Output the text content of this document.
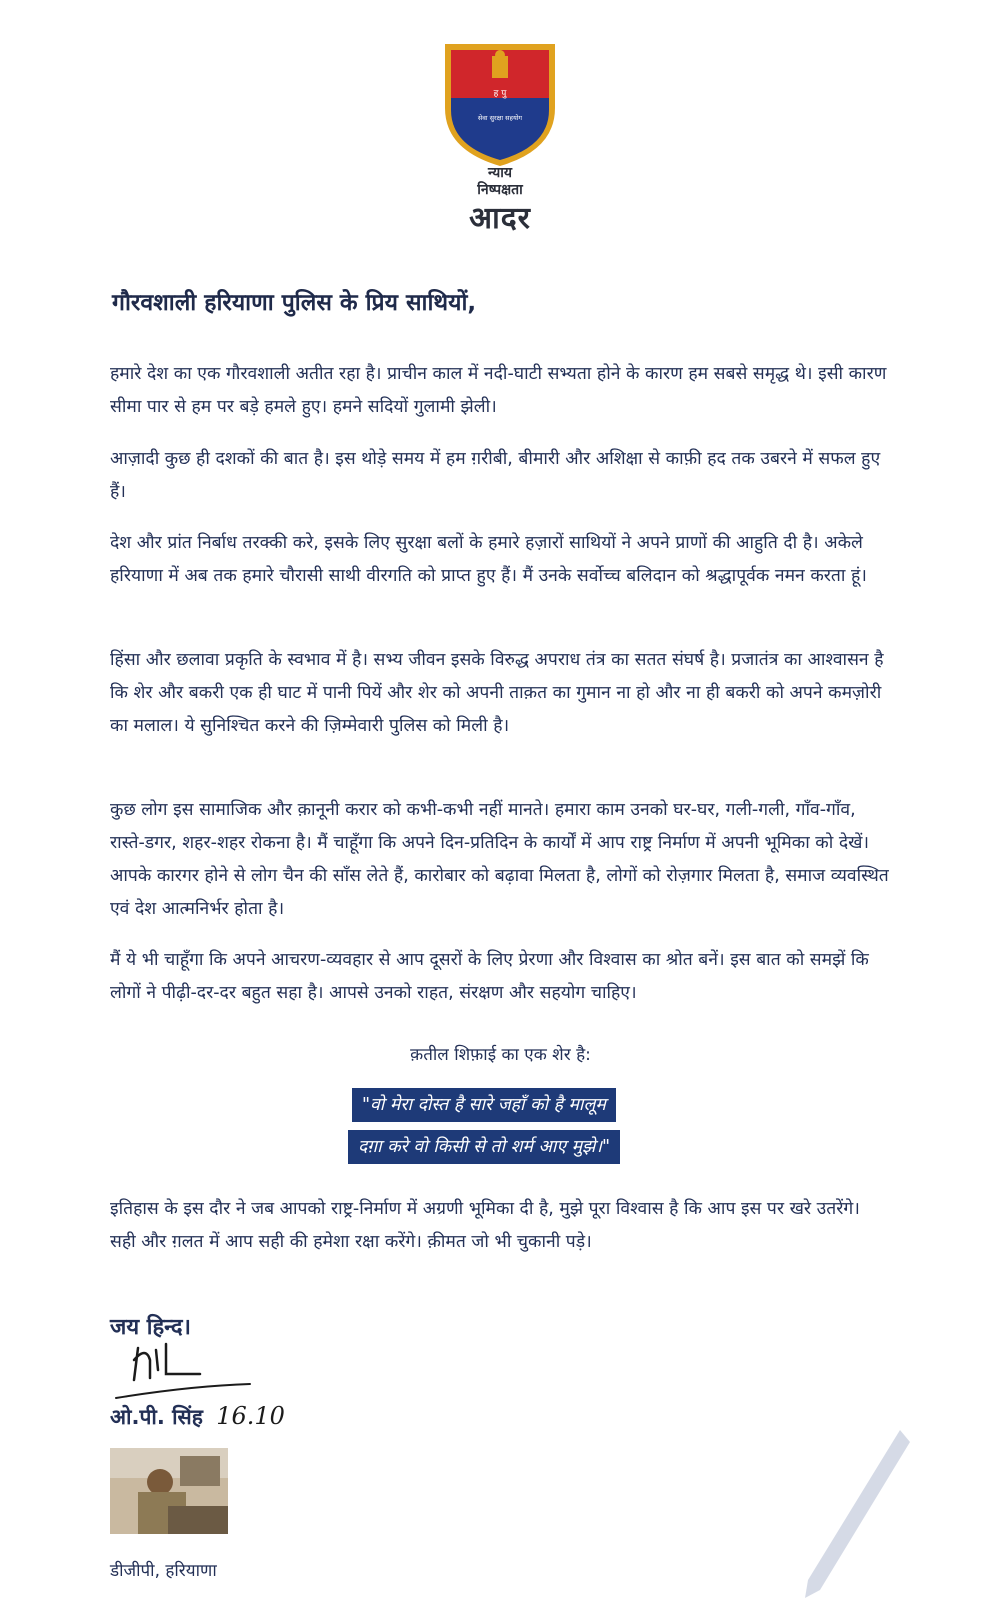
ह पु
सेवा सुरक्षा सहयोग
न्याय
निष्पक्षता
आदर
गौरवशाली हरियाणा पुलिस के प्रिय साथियों,

हमारे देश का एक गौरवशाली अतीत रहा है। प्राचीन काल में नदी-घाटी सभ्यता होने के कारण हम सबसे समृद्ध थे। इसी कारण सीमा पार से हम पर बड़े हमले हुए। हमने सदियों गुलामी झेली।

आज़ादी कुछ ही दशकों की बात है। इस थोड़े समय में हम ग़रीबी, बीमारी और अशिक्षा से काफ़ी हद तक उबरने में सफल हुए हैं।

देश और प्रांत निर्बाध तरक्की करे, इसके लिए सुरक्षा बलों के हमारे हज़ारों साथियों ने अपने प्राणों की आहुति दी है। अकेले हरियाणा में अब तक हमारे चौरासी साथी वीरगति को प्राप्त हुए हैं। मैं उनके सर्वोच्च बलिदान को श्रद्धापूर्वक नमन करता हूं।

हिंसा और छलावा प्रकृति के स्वभाव में है। सभ्य जीवन इसके विरुद्ध अपराध तंत्र का सतत संघर्ष है। प्रजातंत्र का आश्वासन है कि शेर और बकरी एक ही घाट में पानी पियें और शेर को अपनी ताक़त का गुमान ना हो और ना ही बकरी को अपने कमज़ोरी का मलाल। ये सुनिश्चित करने की ज़िम्मेवारी पुलिस को मिली है।

कुछ लोग इस सामाजिक और क़ानूनी करार को कभी-कभी नहीं मानते। हमारा काम उनको घर-घर, गली-गली, गाँव-गाँव, रास्ते-डगर, शहर-शहर रोकना है। मैं चाहूँगा कि अपने दिन-प्रतिदिन के कार्यों में आप राष्ट्र निर्माण में अपनी भूमिका को देखें। आपके कारगर होने से लोग चैन की साँस लेते हैं, कारोबार को बढ़ावा मिलता है, लोगों को रोज़गार मिलता है, समाज व्यवस्थित एवं देश आत्मनिर्भर होता है।

मैं ये भी चाहूँगा कि अपने आचरण-व्यवहार से आप दूसरों के लिए प्रेरणा और विश्वास का श्रोत बनें। इस बात को समझें कि लोगों ने पीढ़ी-दर-दर बहुत सहा है। आपसे उनको राहत, संरक्षण और सहयोग चाहिए।

क़तील शिफ़ाई का एक शेर है:
"वो मेरा दोस्त है सारे जहाँ को है मालूम
दग़ा करे वो किसी से तो शर्म आए मुझे।"

इतिहास के इस दौर ने जब आपको राष्ट्र-निर्माण में अग्रणी भूमिका दी है, मुझे पूरा विश्वास है कि आप इस पर खरे उतरेंगे। सही और ग़लत में आप सही की हमेशा रक्षा करेंगे। क़ीमत जो भी चुकानी पड़े।

जय हिन्द।
ओ.पी. सिंह 16.10
डीजीपी, हरियाणा
